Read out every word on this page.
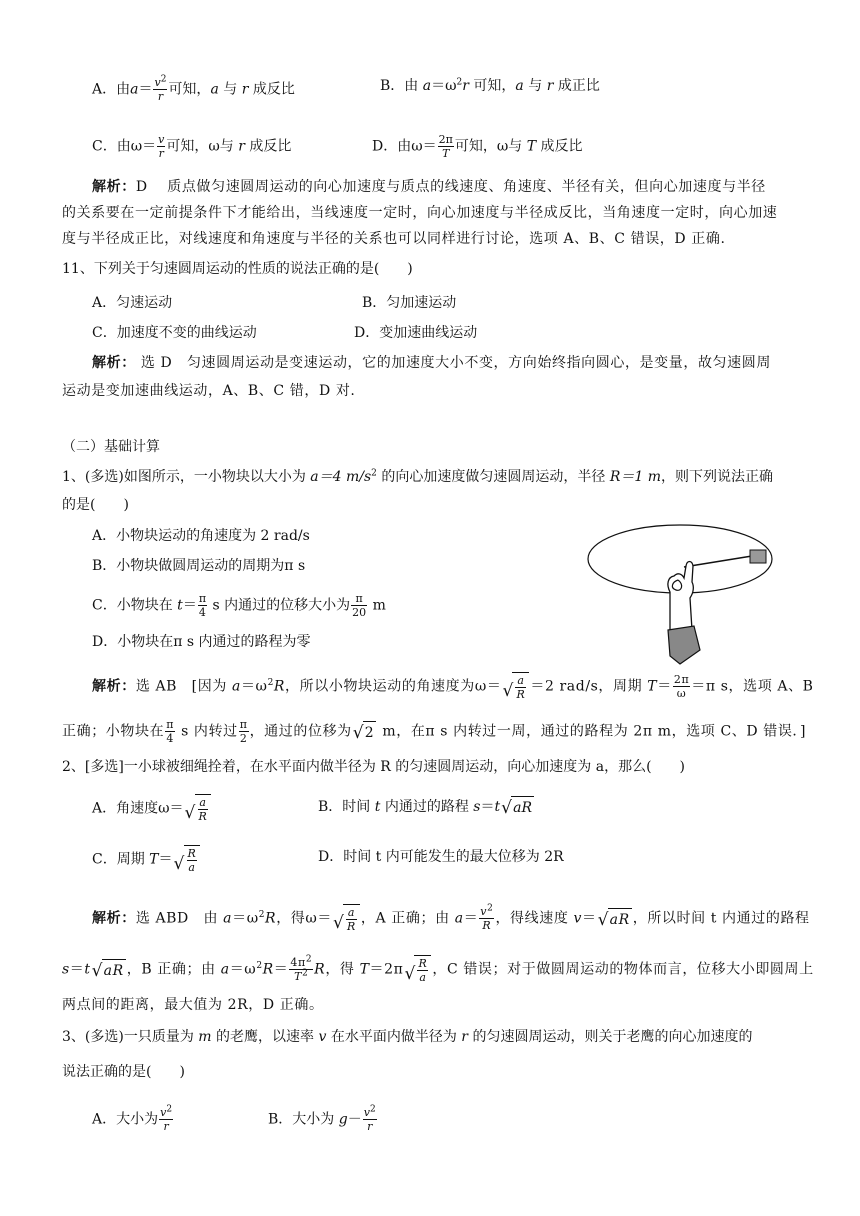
A．由$a= \frac{v^2}{r}$ 可知，a 与 r 成反比	B．由 $a=\omega^2r$ 可知，a 与 r 成正比
C．由$\omega= \frac{v}{r}$ 可知，ω与 r 成反比	D．由$\omega= \frac{2\pi}{T}$ 可知，ω与 T 成反比
解析：D　 质点做匀速圆周运动的向心加速度与质点的线速度、角速度、半径有关，但向心加速度与半径
的关系要在一定前提条件下才能给出，当线速度一定时，向心加速度与半径成反比，当角速度一定时，向心加速
度与半径成正比，对线速度和角速度与半径的关系也可以同样进行讨论，选项 A、B、C 错误，D 正确.
11、下列关于匀速圆周运动的性质的说法正确的是(　　)
A．匀速运动	B．匀加速运动
C．加速度不变的曲线运动	D．变加速曲线运动
解析： 选 D　匀速圆周运动是变速运动，它的加速度大小不变，方向始终指向圆心，是变量，故匀速圆周
运动是变加速曲线运动，A、B、C 错，D 对.
（二）基础计算
1、(多选)如图所示，一小物块以大小为 a＝4 $m/s^2$ 的向心加速度做匀速圆周运动，半径 R＝1 m，则下列说法正确
的是(　　)
A．小物块运动的角速度为 2 rad/s
B．小物块做圆周运动的周期为π s
C．小物块在 $t= \frac{\pi}{4}$ s 内通过的位移大小为 $\frac{\pi}{20}$ m
D．小物块在π s 内通过的路程为零
解析：选 AB　[因为 $a=\omega^2R$，所以小物块运动的角速度为ω＝ √ $\frac{a}{R} =2$ rad/s，周期 $T= \frac{2\pi}{\omega} =\pi$ s，选项 A、B
正确；小物块在 $\frac{\pi}{4}$ s 内转过 $\frac{\pi}{2}$ ，通过的位移为 √ 2 m，在π s 内转过一周，通过的路程为 2π m，选项 C、D 错误．]
2、[多选]一小球被细绳拴着，在水平面内做半径为 R 的匀速圆周运动，向心加速度为 a，那么(　　)
A．角速度ω＝ √ $\frac{a}{R}$	B．时间 t 内通过的路程 s＝t √ aR
C．周期 T＝ √ $\frac{R}{a}$	D．时间 t 内可能发生的最大位移为 2R
解析：选 ABD　由 $a=\omega^2R$，得ω＝ √ $\frac{a}{R}$ ，A 正确；由 $a= \frac{v^2}{R}$ ，得线速度 v＝ √ aR ，所以时间 t 内通过的路程
s＝t √ aR ，B 正确；由 $a=\omega^2R= \frac{4\pi^2}{T^2}$ R，得 T＝2π √ $\frac{R}{a}$ ，C 错误；对于做圆周运动的物体而言，位移大小即圆周上
两点间的距离，最大值为 2R，D 正确。
3、(多选)一只质量为 m 的老鹰，以速率 v 在水平面内做半径为 r 的匀速圆周运动，则关于老鹰的向心加速度的
说法正确的是(　　)
A．大小为 $\frac{v^2}{r}$	B．大小为 $g- \frac{v^2}{r}$
